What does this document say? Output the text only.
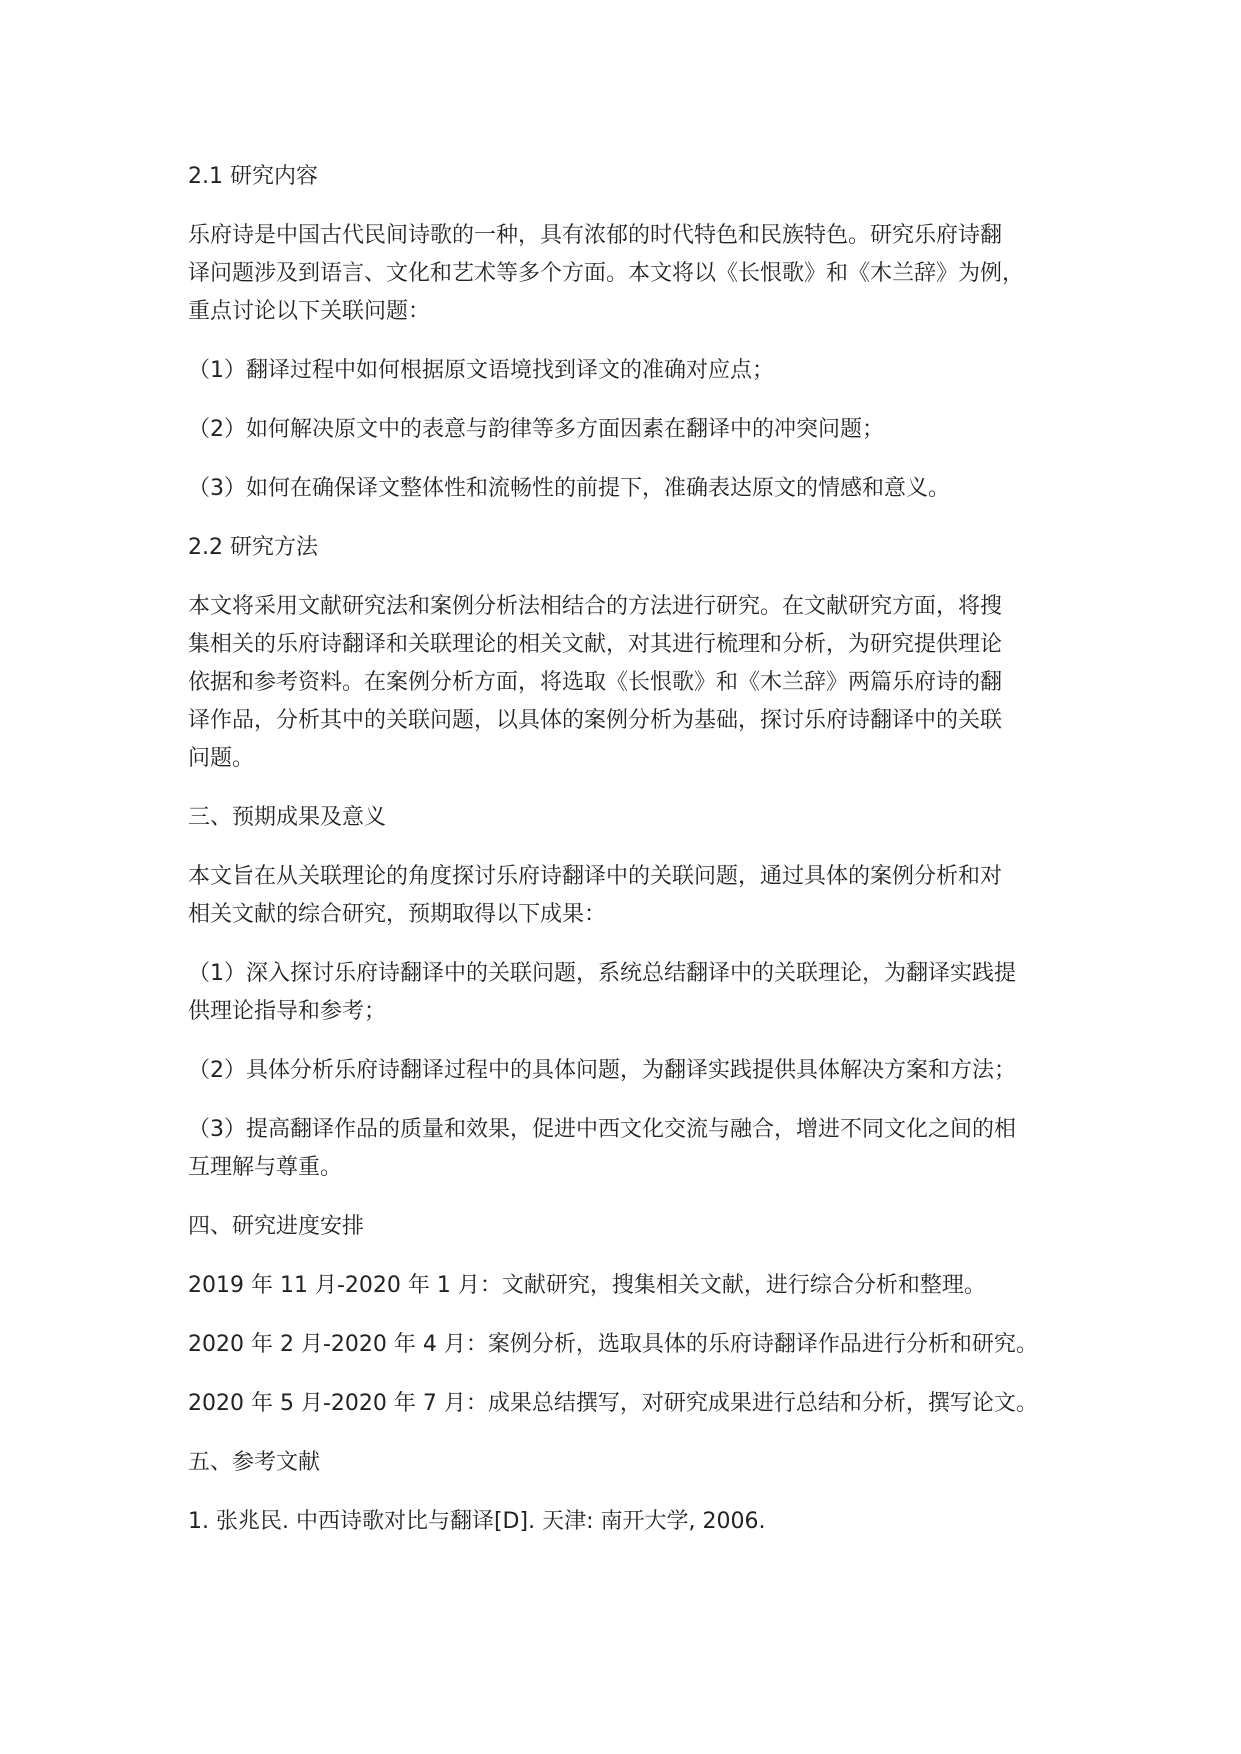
2.1 研究内容
乐府诗是中国古代民间诗歌的一种，具有浓郁的时代特色和民族特色。研究乐府诗翻
译问题涉及到语言、文化和艺术等多个方面。本文将以《长恨歌》和《木兰辞》为例，
重点讨论以下关联问题：
（1）翻译过程中如何根据原文语境找到译文的准确对应点；
（2）如何解决原文中的表意与韵律等多方面因素在翻译中的冲突问题；
（3）如何在确保译文整体性和流畅性的前提下，准确表达原文的情感和意义。
2.2 研究方法
本文将采用文献研究法和案例分析法相结合的方法进行研究。在文献研究方面，将搜
集相关的乐府诗翻译和关联理论的相关文献，对其进行梳理和分析，为研究提供理论
依据和参考资料。在案例分析方面，将选取《长恨歌》和《木兰辞》两篇乐府诗的翻
译作品，分析其中的关联问题，以具体的案例分析为基础，探讨乐府诗翻译中的关联
问题。
三、预期成果及意义
本文旨在从关联理论的角度探讨乐府诗翻译中的关联问题，通过具体的案例分析和对
相关文献的综合研究，预期取得以下成果：
（1）深入探讨乐府诗翻译中的关联问题，系统总结翻译中的关联理论，为翻译实践提
供理论指导和参考；
（2）具体分析乐府诗翻译过程中的具体问题，为翻译实践提供具体解决方案和方法；
（3）提高翻译作品的质量和效果，促进中西文化交流与融合，增进不同文化之间的相
互理解与尊重。
四、研究进度安排
2019 年 11 月-2020 年 1 月：文献研究，搜集相关文献，进行综合分析和整理。
2020 年 2 月-2020 年 4 月：案例分析，选取具体的乐府诗翻译作品进行分析和研究。
2020 年 5 月-2020 年 7 月：成果总结撰写，对研究成果进行总结和分析，撰写论文。
五、参考文献
1. 张兆民. 中西诗歌对比与翻译[D]. 天津: 南开大学, 2006.
